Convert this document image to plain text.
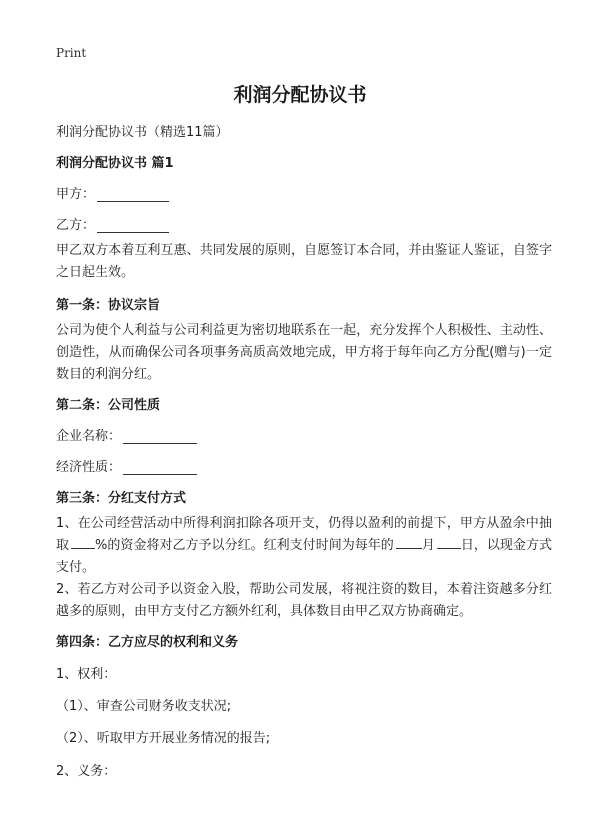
Print
利润分配协议书
利润分配协议书（精选11篇）
利润分配协议书 篇1
甲方：
乙方：

甲乙双方本着互利互惠、共同发展的原则，自愿签订本合同，并由鉴证人鉴证，自签字之日起生效。

第一条：协议宗旨

公司为使个人利益与公司利益更为密切地联系在一起，充分发挥个人积极性、主动性、创造性，从而确保公司各项事务高质高效地完成，甲方将于每年向乙方分配(赠与)一定数目的利润分红。

第二条：公司性质
企业名称：
经济性质：
第三条：分红支付方式

1、在公司经营活动中所得利润扣除各项开支，仍得以盈利的前提下，甲方从盈余中抽取 %的资金将对乙方予以分红。红利支付时间为每年的 月 日，以现金方式支付。

2、若乙方对公司予以资金入股，帮助公司发展，将视注资的数目，本着注资越多分红越多的原则，由甲方支付乙方额外红利，具体数目由甲乙双方协商确定。

第四条：乙方应尽的权利和义务
1、权利：
（1）、审查公司财务收支状况;
（2）、听取甲方开展业务情况的报告;
2、义务：
